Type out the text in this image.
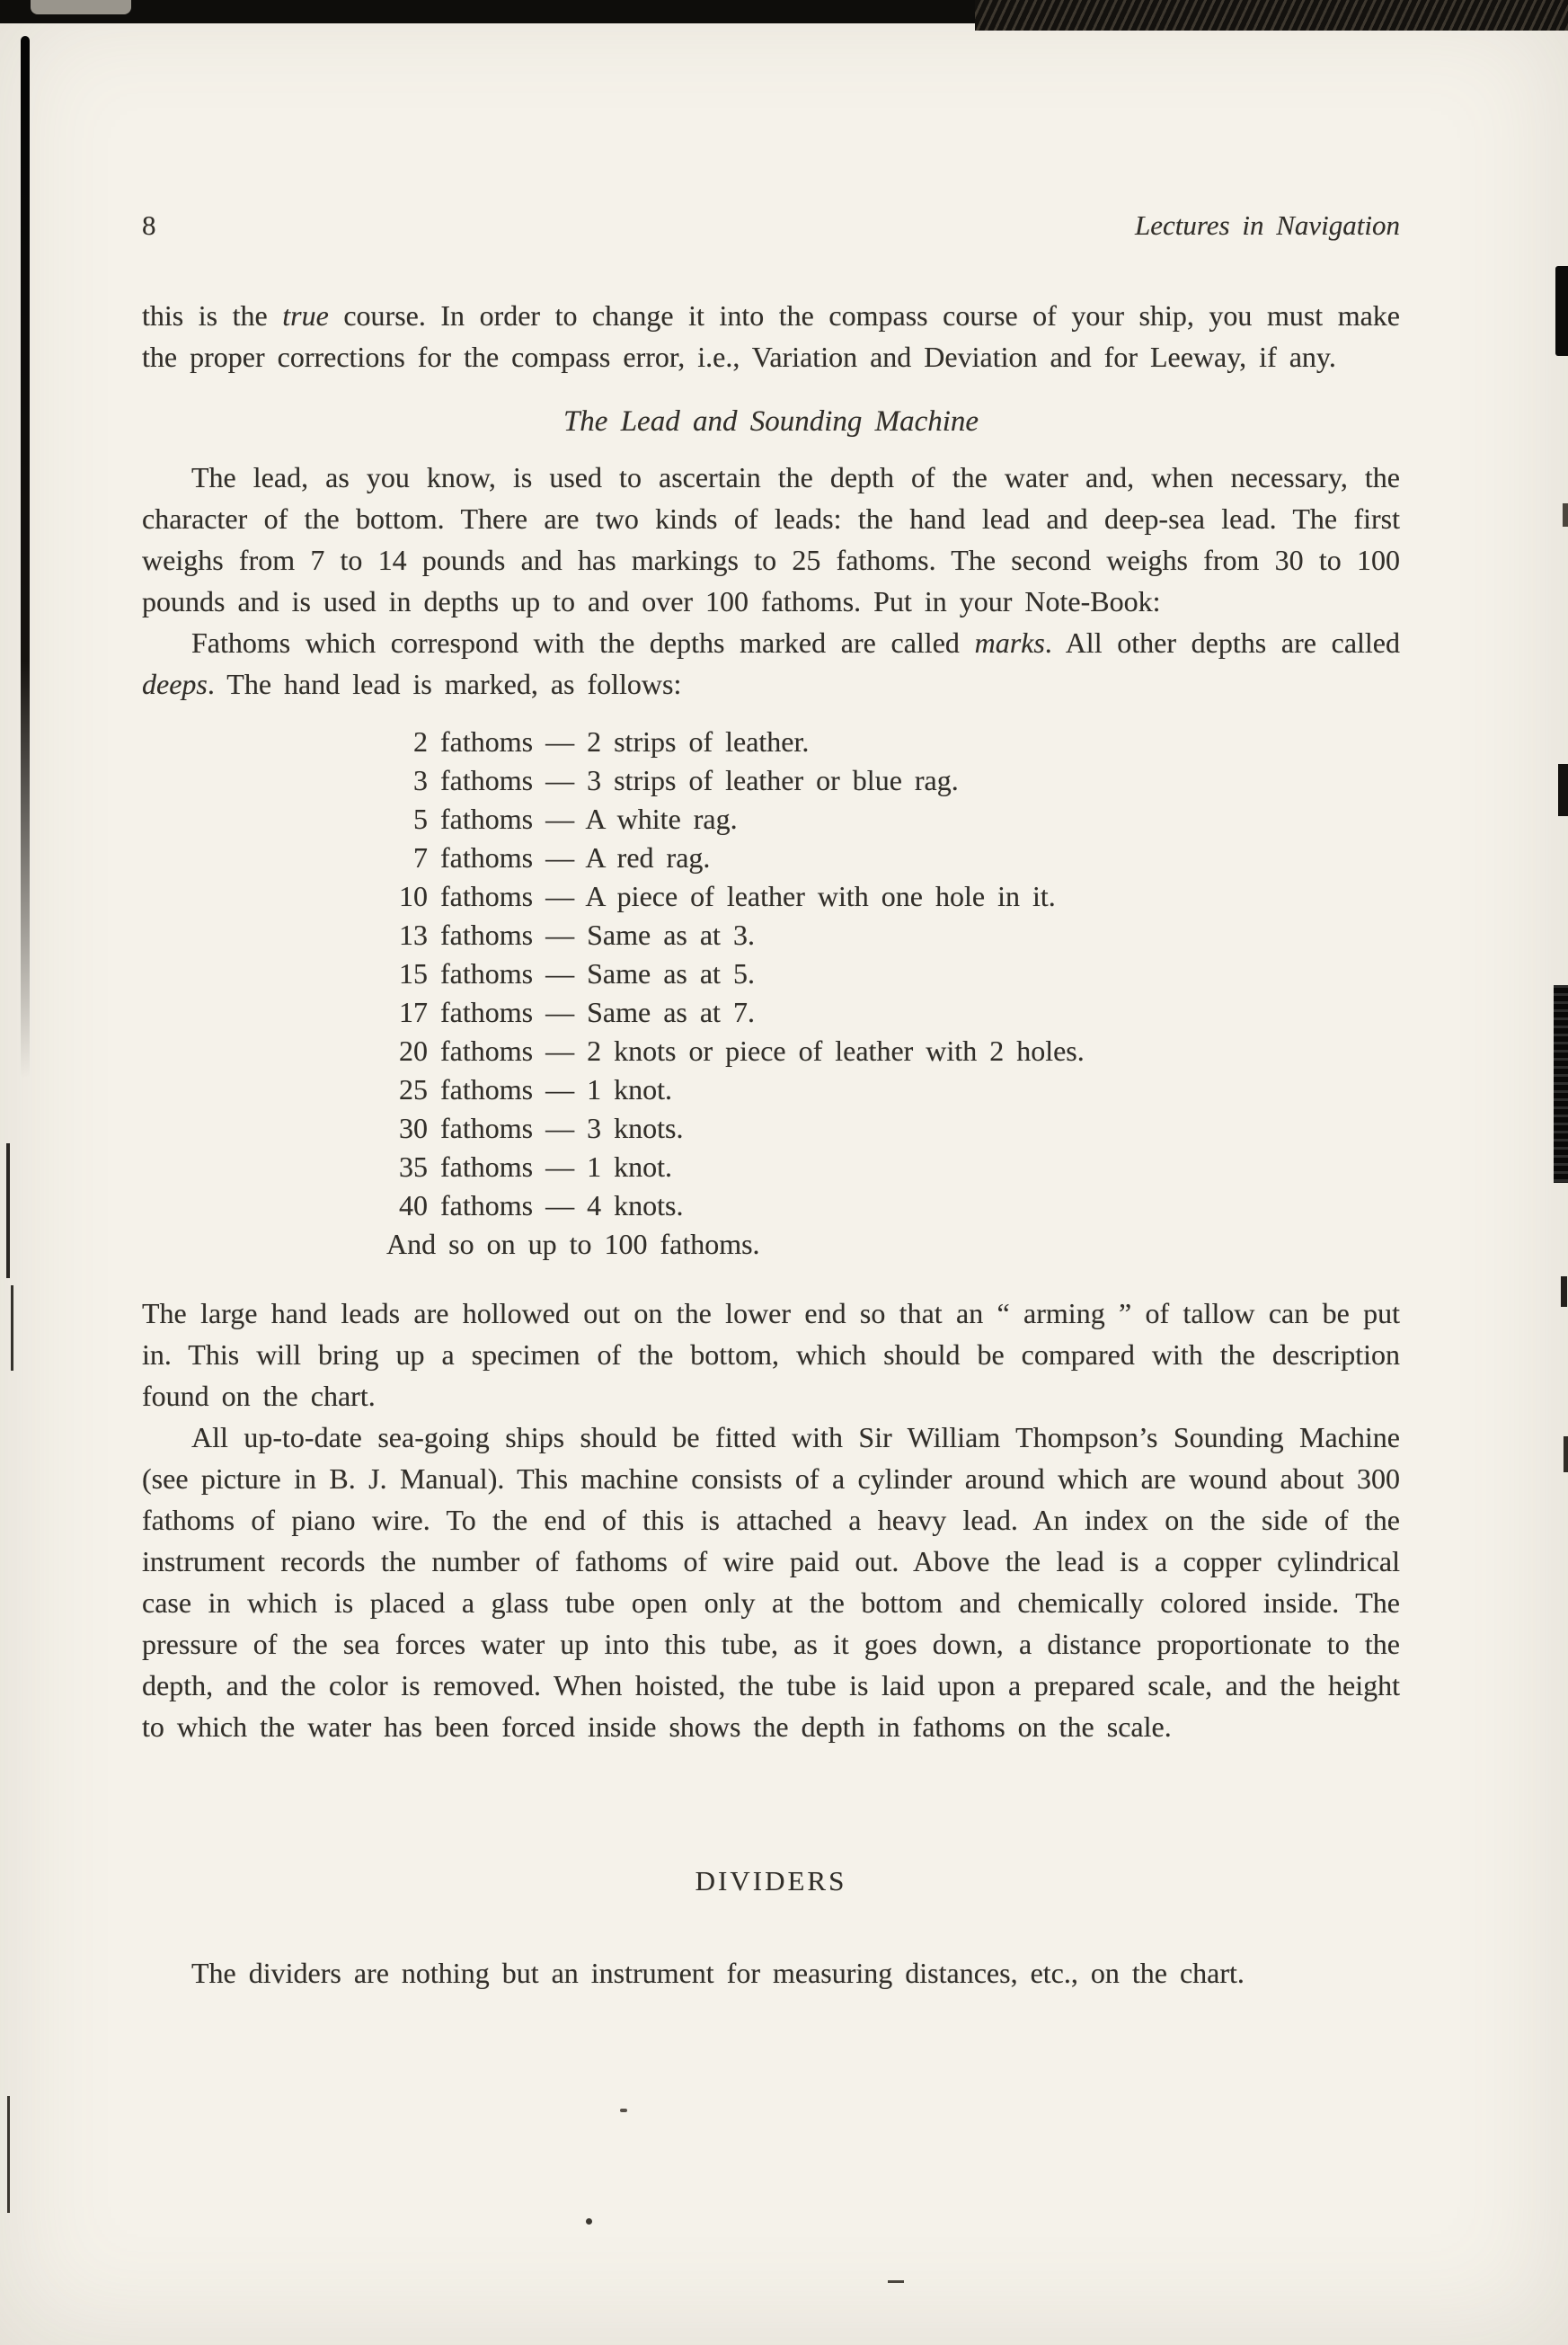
8	Lectures in Navigation

this is the true course. In order to change it into the compass course of your ship, you must make the proper corrections for the compass error, i.e., Variation and Deviation and for Leeway, if any.

The Lead and Sounding Machine

The lead, as you know, is used to ascertain the depth of the water and, when necessary, the character of the bottom. There are two kinds of leads: the hand lead and deep-sea lead. The first weighs from 7 to 14 pounds and has markings to 25 fathoms. The second weighs from 30 to 100 pounds and is used in depths up to and over 100 fathoms. Put in your Note-Book:

Fathoms which correspond with the depths marked are called marks. All other depths are called deeps. The hand lead is marked, as follows:

2 fathoms — 2 strips of leather.
3 fathoms — 3 strips of leather or blue rag.
5 fathoms — A white rag.
7 fathoms — A red rag.
10 fathoms — A piece of leather with one hole in it.
13 fathoms — Same as at 3.
15 fathoms — Same as at 5.
17 fathoms — Same as at 7.
20 fathoms — 2 knots or piece of leather with 2 holes.
25 fathoms — 1 knot.
30 fathoms — 3 knots.
35 fathoms — 1 knot.
40 fathoms — 4 knots.
And so on up to 100 fathoms.

The large hand leads are hollowed out on the lower end so that an “ arming ” of tallow can be put in. This will bring up a specimen of the bottom, which should be compared with the description found on the chart.

All up-to-date sea-going ships should be fitted with Sir William Thompson’s Sounding Machine (see picture in B. J. Manual). This machine consists of a cylinder around which are wound about 300 fathoms of piano wire. To the end of this is attached a heavy lead. An index on the side of the instrument records the number of fathoms of wire paid out. Above the lead is a copper cylindrical case in which is placed a glass tube open only at the bottom and chemically colored inside. The pressure of the sea forces water up into this tube, as it goes down, a distance proportionate to the depth, and the color is removed. When hoisted, the tube is laid upon a prepared scale, and the height to which the water has been forced inside shows the depth in fathoms on the scale.

DIVIDERS

The dividers are nothing but an instrument for measuring distances, etc., on the chart.
